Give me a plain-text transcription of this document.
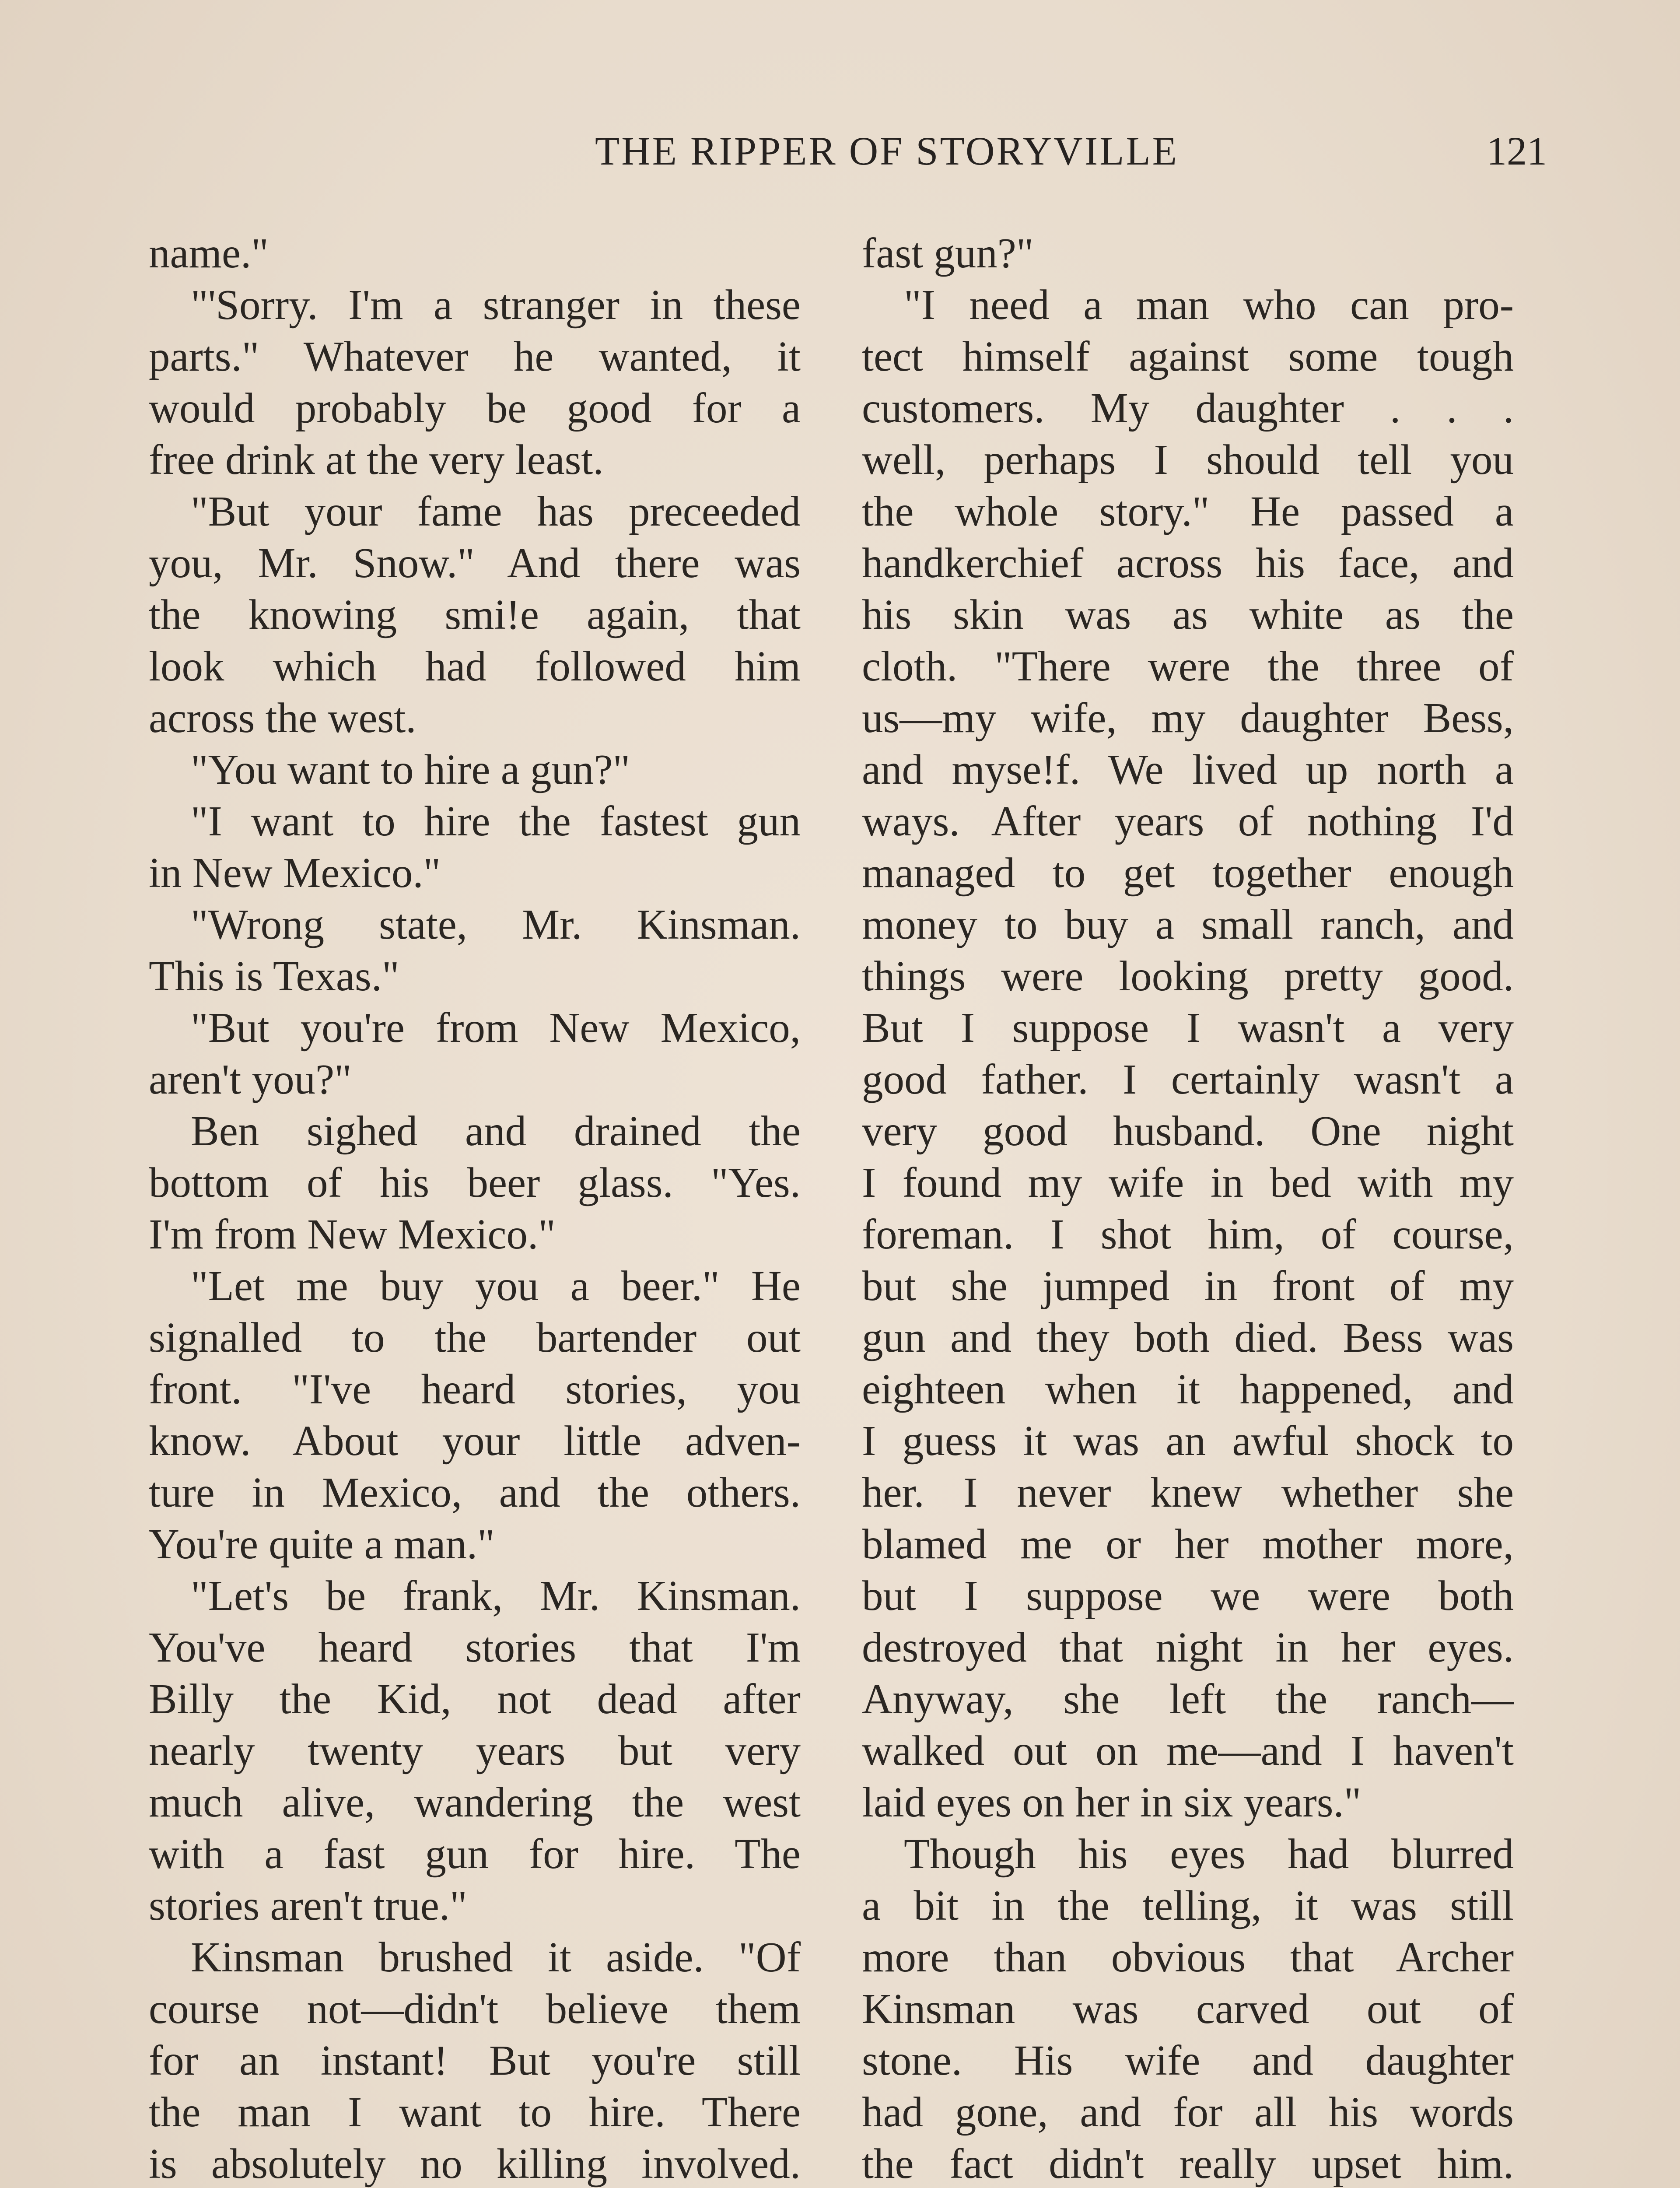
THE RIPPER OF STORYVILLE	121
name."
"'Sorry. I'm a stranger in these
parts." Whatever he wanted, it
would probably be good for a
free drink at the very least.
"But your fame has preceeded
you, Mr. Snow." And there was
the knowing smi!e again, that
look which had followed him
across the west.
"You want to hire a gun?"
"I want to hire the fastest gun
in New Mexico."
"Wrong state, Mr. Kinsman.
This is Texas."
"But you're from New Mexico,
aren't you?"
Ben sighed and drained the
bottom of his beer glass. "Yes.
I'm from New Mexico."
"Let me buy you a beer." He
signalled to the bartender out
front. "I've heard stories, you
know. About your little adven-
ture in Mexico, and the others.
You're quite a man."
"Let's be frank, Mr. Kinsman.
You've heard stories that I'm
Billy the Kid, not dead after
nearly twenty years but very
much alive, wandering the west
with a fast gun for hire. The
stories aren't true."
Kinsman brushed it aside. "Of
course not—didn't believe them
for an instant! But you're still
the man I want to hire. There
is absolutely no killing involved.
fast gun?"
"I need a man who can pro-
tect himself against some tough
customers. My daughter . . .
well, perhaps I should tell you
the whole story." He passed a
handkerchief across his face, and
his skin was as white as the
cloth. "There were the three of
us—my wife, my daughter Bess,
and myse!f. We lived up north a
ways. After years of nothing I'd
managed to get together enough
money to buy a small ranch, and
things were looking pretty good.
But I suppose I wasn't a very
good father. I certainly wasn't a
very good husband. One night
I found my wife in bed with my
foreman. I shot him, of course,
but she jumped in front of my
gun and they both died. Bess was
eighteen when it happened, and
I guess it was an awful shock to
her. I never knew whether she
blamed me or her mother more,
but I suppose we were both
destroyed that night in her eyes.
Anyway, she left the ranch—
walked out on me—and I haven't
laid eyes on her in six years."
Though his eyes had blurred
a bit in the telling, it was still
more than obvious that Archer
Kinsman was carved out of
stone. His wife and daughter
had gone, and for all his words
the fact didn't really upset him.
